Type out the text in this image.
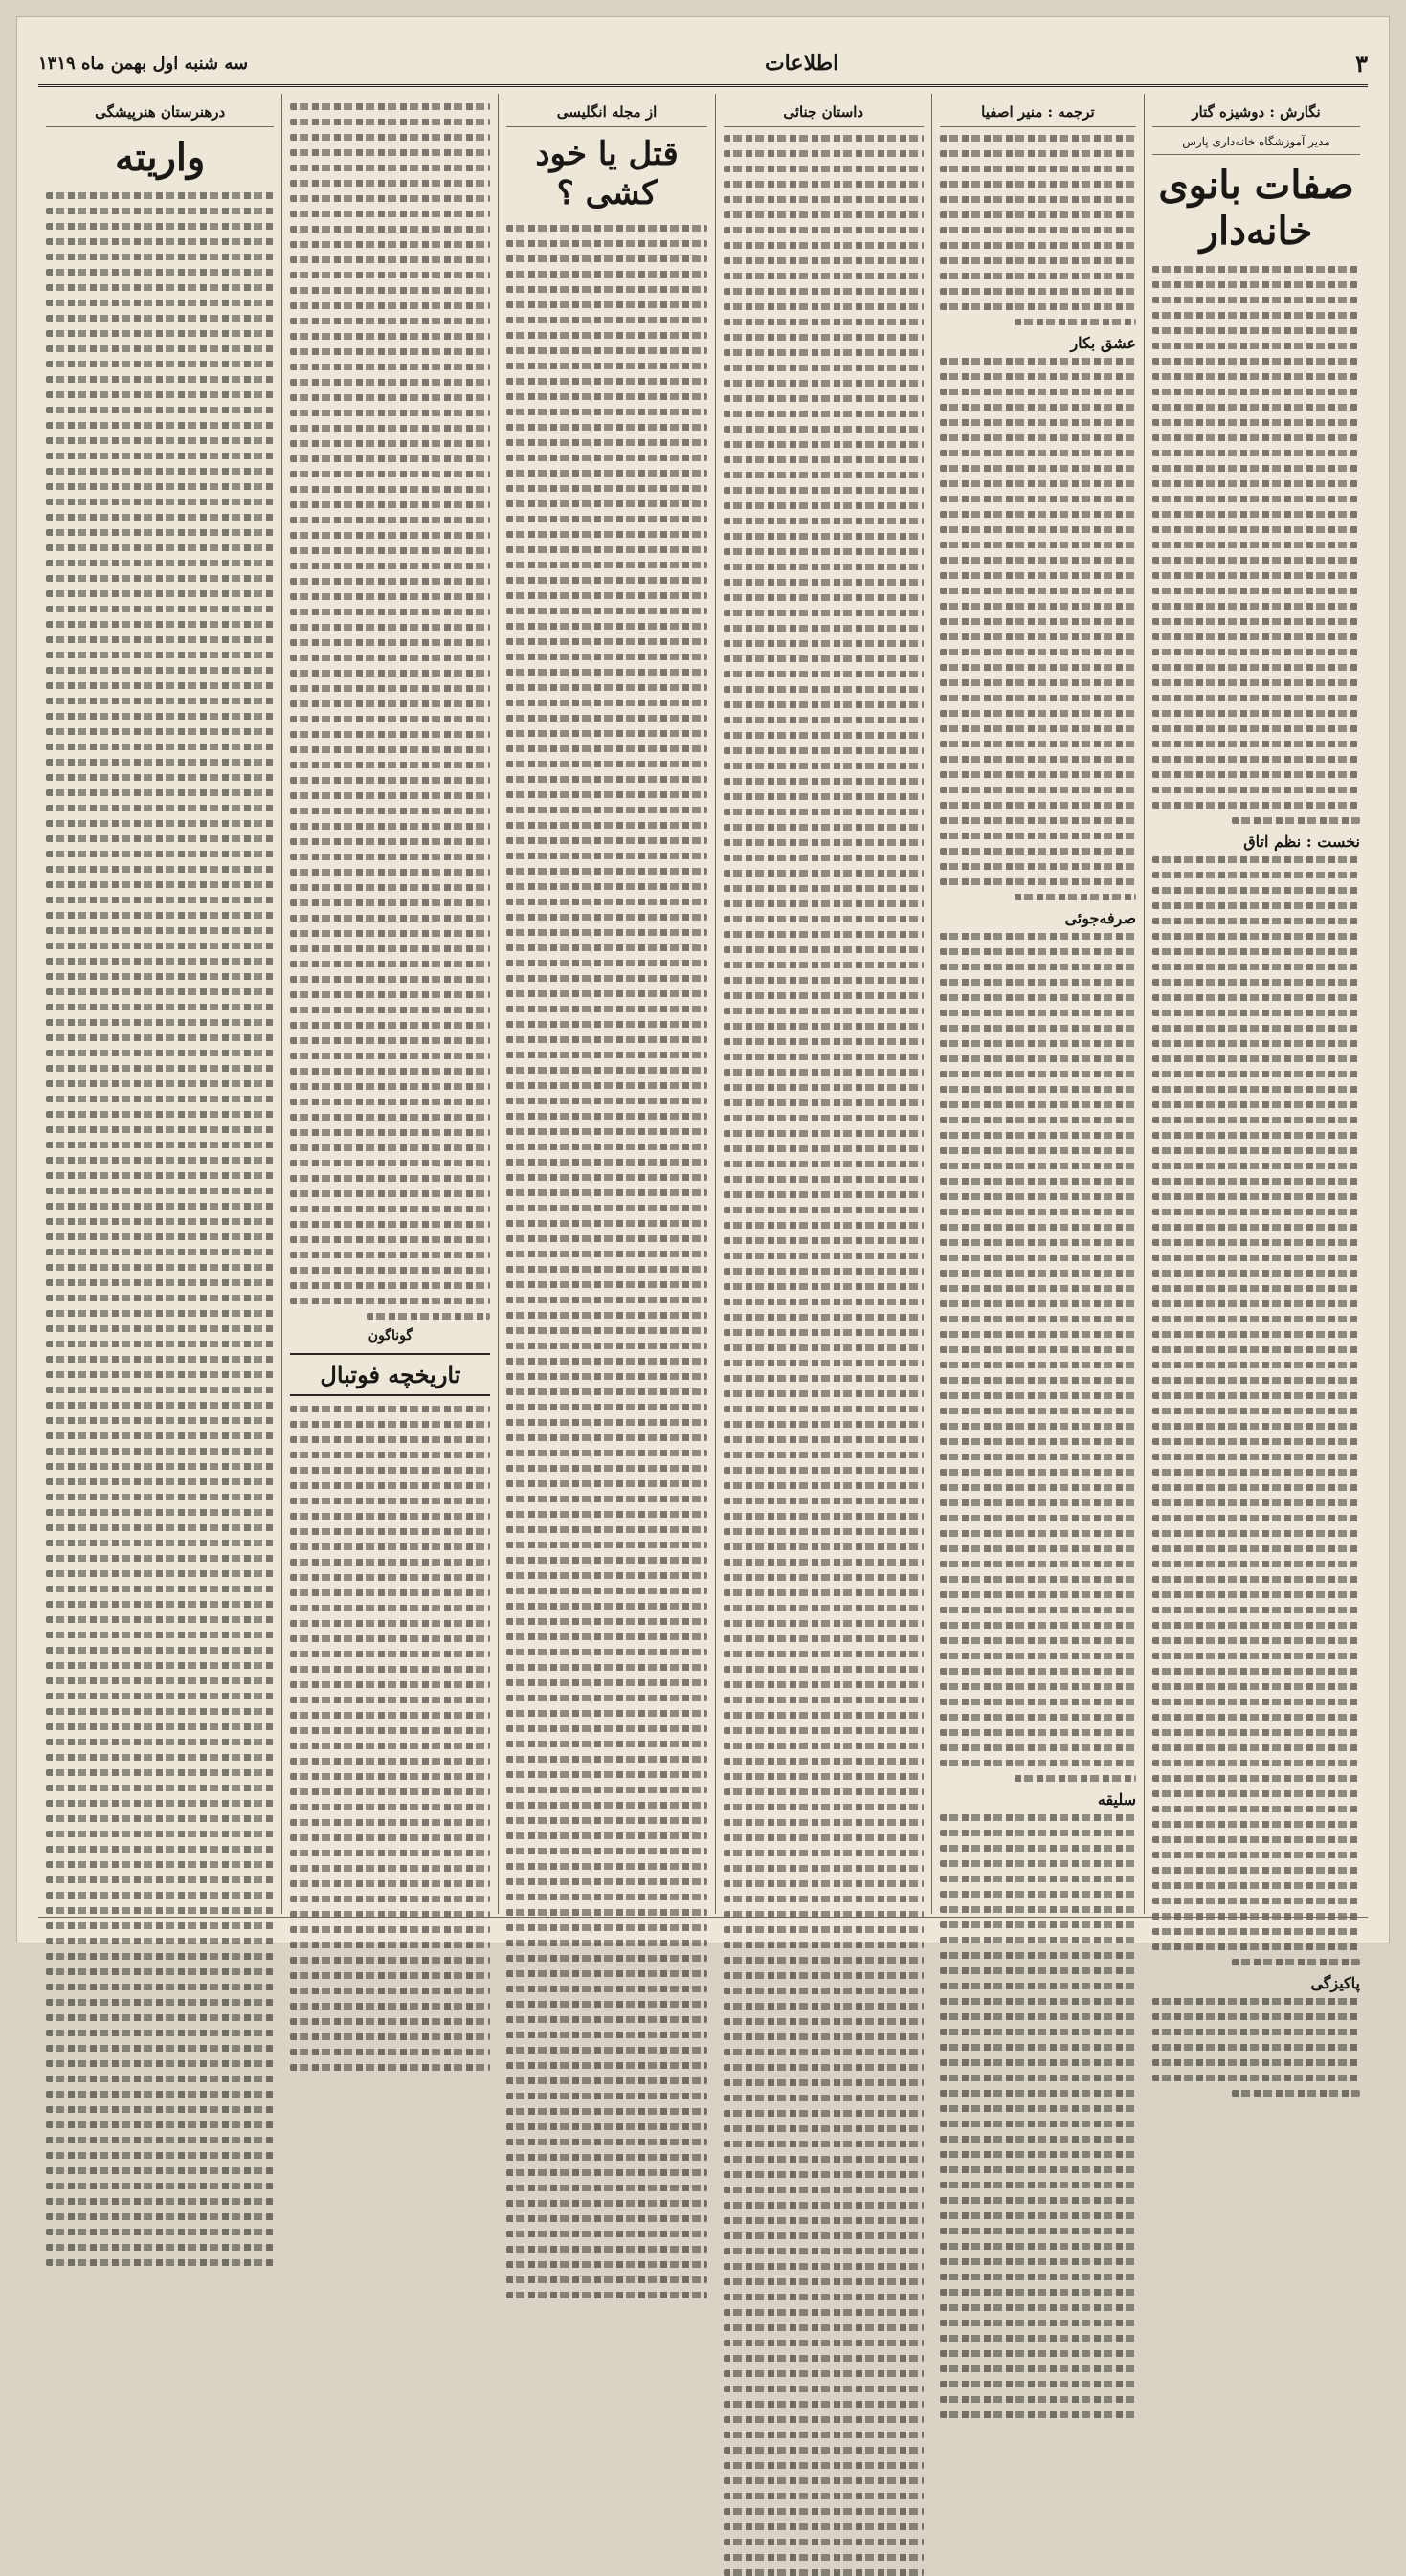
۳
اطلاعات
سه شنبه اول بهمن ماه ۱۳۱۹
نگارش : دوشیزه گتار
مدیر آموزشگاه خانه‌داری پارس
صفات بانوی خانه‌دار
نخست : نظم اتاق
پاکیزگی
ترجمه : منیر اصفیا
عشق بکار
صرفه‌جوئی
سلیقه
داستان جنائی
از مجله انگلیسی
قتل یا خود کشی ؟
گوناگون
تاریخچه فوتبال
درهنرستان هنرپیشگی
واریته
